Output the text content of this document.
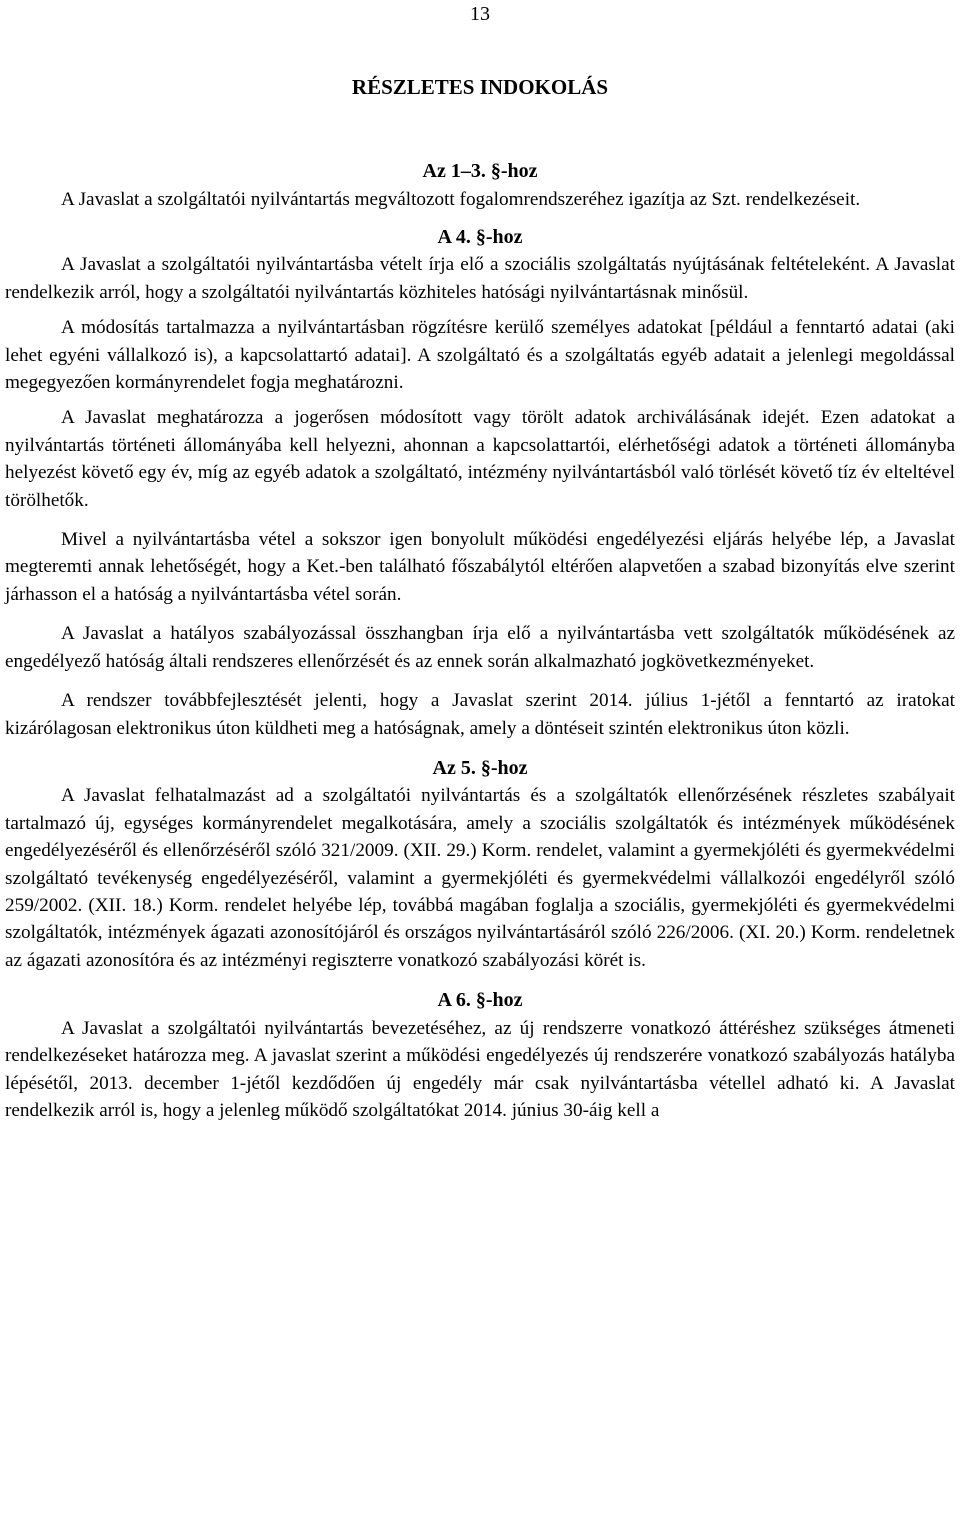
13
RÉSZLETES INDOKOLÁS
Az 1–3. §-hoz

A Javaslat a szolgáltatói nyilvántartás megváltozott fogalomrendszeréhez igazítja az Szt. rendelkezéseit.

A 4. §-hoz

A Javaslat a szolgáltatói nyilvántartásba vételt írja elő a szociális szolgáltatás nyújtásának feltételeként. A Javaslat rendelkezik arról, hogy a szolgáltatói nyilvántartás közhiteles hatósági nyilvántartásnak minősül.

A módosítás tartalmazza a nyilvántartásban rögzítésre kerülő személyes adatokat [például a fenntartó adatai (aki lehet egyéni vállalkozó is), a kapcsolattartó adatai]. A szolgáltató és a szolgáltatás egyéb adatait a jelenlegi megoldással megegyezően kormányrendelet fogja meghatározni.

A Javaslat meghatározza a jogerősen módosított vagy törölt adatok archiválásának idejét. Ezen adatokat a nyilvántartás történeti állományába kell helyezni, ahonnan a kapcsolattartói, elérhetőségi adatok a történeti állományba helyezést követő egy év, míg az egyéb adatok a szolgáltató, intézmény nyilvántartásból való törlését követő tíz év elteltével törölhetők.

Mivel a nyilvántartásba vétel a sokszor igen bonyolult működési engedélyezési eljárás helyébe lép, a Javaslat megteremti annak lehetőségét, hogy a Ket.-ben található főszabálytól eltérően alapvetően a szabad bizonyítás elve szerint járhasson el a hatóság a nyilvántartásba vétel során.

A Javaslat a hatályos szabályozással összhangban írja elő a nyilvántartásba vett szolgáltatók működésének az engedélyező hatóság általi rendszeres ellenőrzését és az ennek során alkalmazható jogkövetkezményeket.

A rendszer továbbfejlesztését jelenti, hogy a Javaslat szerint 2014. július 1-jétől a fenntartó az iratokat kizárólagosan elektronikus úton küldheti meg a hatóságnak, amely a döntéseit szintén elektronikus úton közli.

Az 5. §-hoz

A Javaslat felhatalmazást ad a szolgáltatói nyilvántartás és a szolgáltatók ellenőrzésének részletes szabályait tartalmazó új, egységes kormányrendelet megalkotására, amely a szociális szolgáltatók és intézmények működésének engedélyezéséről és ellenőrzéséről szóló 321/2009. (XII. 29.) Korm. rendelet, valamint a gyermekjóléti és gyermekvédelmi szolgáltató tevékenység engedélyezéséről, valamint a gyermekjóléti és gyermekvédelmi vállalkozói engedélyről szóló 259/2002. (XII. 18.) Korm. rendelet helyébe lép, továbbá magában foglalja a szociális, gyermekjóléti és gyermekvédelmi szolgáltatók, intézmények ágazati azonosítójáról és országos nyilvántartásáról szóló 226/2006. (XI. 20.) Korm. rendeletnek az ágazati azonosítóra és az intézményi regiszterre vonatkozó szabályozási körét is.

A 6. §-hoz

A Javaslat a szolgáltatói nyilvántartás bevezetéséhez, az új rendszerre vonatkozó áttéréshez szükséges átmeneti rendelkezéseket határozza meg. A javaslat szerint a működési engedélyezés új rendszerére vonatkozó szabályozás hatályba lépésétől, 2013. december 1-jétől kezdődően új engedély már csak nyilvántartásba vétellel adható ki. A Javaslat rendelkezik arról is, hogy a jelenleg működő szolgáltatókat 2014. június 30-áig kell a
